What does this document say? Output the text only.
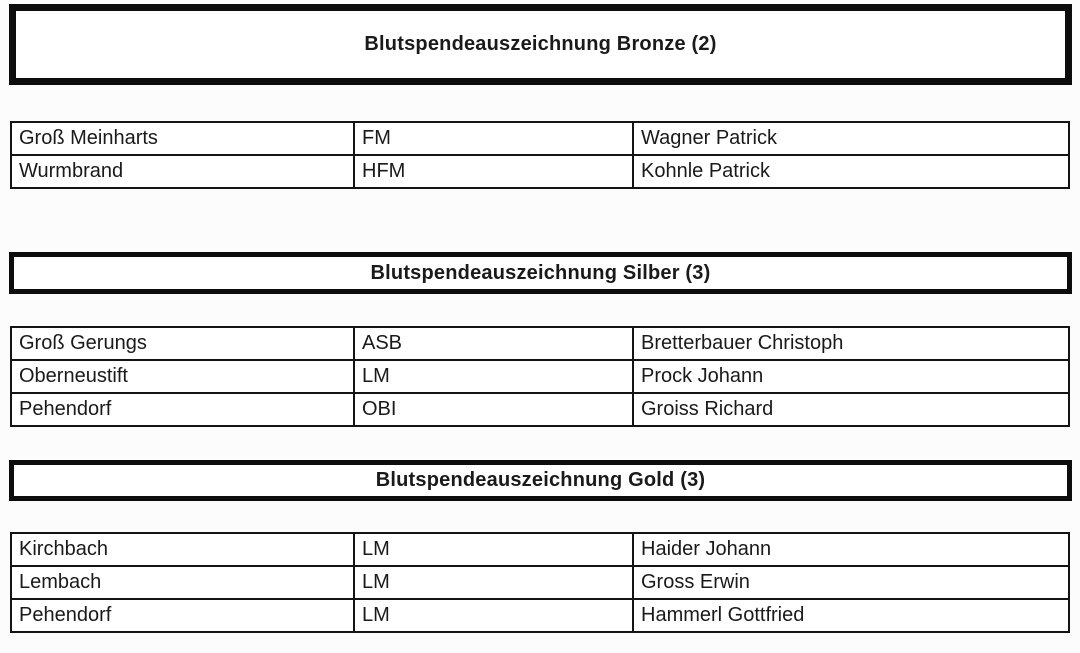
Blutspendeauszeichnung Bronze (2)
Groß Meinharts	FM	Wagner Patrick
Wurmbrand	HFM	Kohnle Patrick
Blutspendeauszeichnung Silber (3)
Groß Gerungs	ASB	Bretterbauer Christoph
Oberneustift	LM	Prock Johann
Pehendorf	OBI	Groiss Richard
Blutspendeauszeichnung Gold (3)
Kirchbach	LM	Haider Johann
Lembach	LM	Gross Erwin
Pehendorf	LM	Hammerl Gottfried
